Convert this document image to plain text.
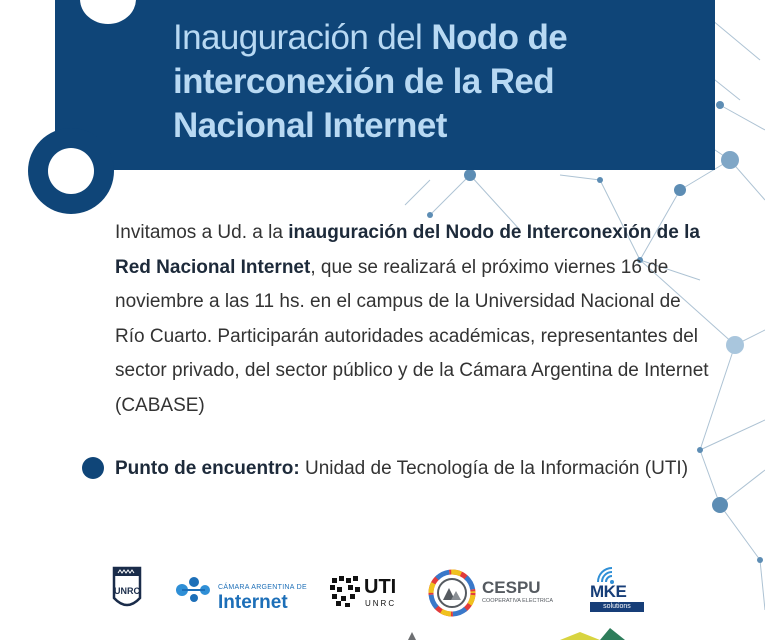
Inauguración del Nodo de interconexión de la Red Nacional Internet

Invitamos a Ud. a la inauguración del Nodo de Interconexión de la Red Nacional Internet, que se realizará el próximo viernes 16 de noviembre a las 11 hs. en el campus de la Universidad Nacional de Río Cuarto. Participarán autoridades académicas, representantes del sector privado, del sector público y de la Cámara Argentina de Internet (CABASE)

Punto de encuentro: Unidad de Tecnología de la Información (UTI)

UNRC	CÁMARA ARGENTINA DE
Internet
UTI
UNRC
CESPU
COOPERATIVA ELECTRICA MKE
solutions
